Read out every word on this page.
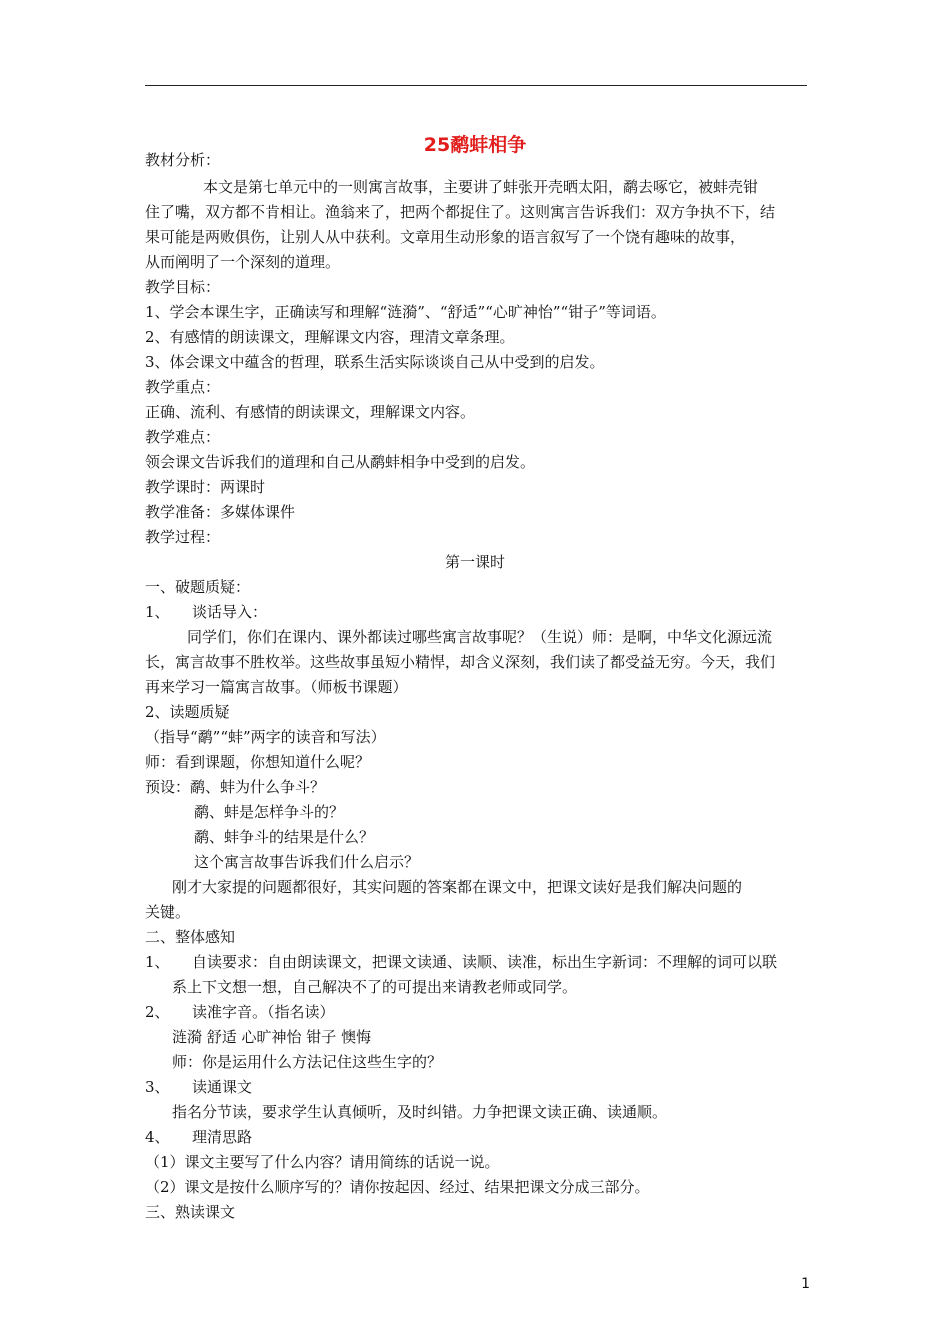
25鹬蚌相争
教材分析：
本文是第七单元中的一则寓言故事，主要讲了蚌张开壳晒太阳，鹬去啄它，被蚌壳钳
住了嘴，双方都不肯相让。渔翁来了，把两个都捉住了。这则寓言告诉我们：双方争执不下，结
果可能是两败俱伤，让别人从中获利。文章用生动形象的语言叙写了一个饶有趣味的故事，
从而阐明了一个深刻的道理。
教学目标：
1、学会本课生字，正确读写和理解“涟漪”、“舒适”“心旷神怡”“钳子”等词语。
2、有感情的朗读课文，理解课文内容，理清文章条理。
3、体会课文中蕴含的哲理，联系生活实际谈谈自己从中受到的启发。
教学重点：
正确、流利、有感情的朗读课文，理解课文内容。
教学难点：
领会课文告诉我们的道理和自己从鹬蚌相争中受到的启发。
教学课时：两课时
教学准备：多媒体课件
教学过程：
第一课时
一、破题质疑：
1、 谈话导入：
同学们，你们在课内、课外都读过哪些寓言故事呢？（生说）师：是啊，中华文化源远流
长，寓言故事不胜枚举。这些故事虽短小精悍，却含义深刻，我们读了都受益无穷。今天，我们
再来学习一篇寓言故事。（师板书课题）
2、读题质疑
（指导“鹬”“蚌”两字的读音和写法）
师：看到课题，你想知道什么呢？
预设：鹬、蚌为什么争斗？
鹬、蚌是怎样争斗的？
鹬、蚌争斗的结果是什么？
这个寓言故事告诉我们什么启示？
刚才大家提的问题都很好，其实问题的答案都在课文中，把课文读好是我们解决问题的
关键。
二、整体感知
1、 自读要求：自由朗读课文，把课文读通、读顺、读准，标出生字新词：不理解的词可以联
系上下文想一想，自己解决不了的可提出来请教老师或同学。
2、 读准字音。（指名读）
涟漪 舒适 心旷神怡 钳子 懊悔
师：你是运用什么方法记住这些生字的？
3、 读通课文
指名分节读，要求学生认真倾听，及时纠错。力争把课文读正确、读通顺。
4、 理清思路
（1）课文主要写了什么内容？请用简练的话说一说。
（2）课文是按什么顺序写的？请你按起因、经过、结果把课文分成三部分。
三、熟读课文
1
